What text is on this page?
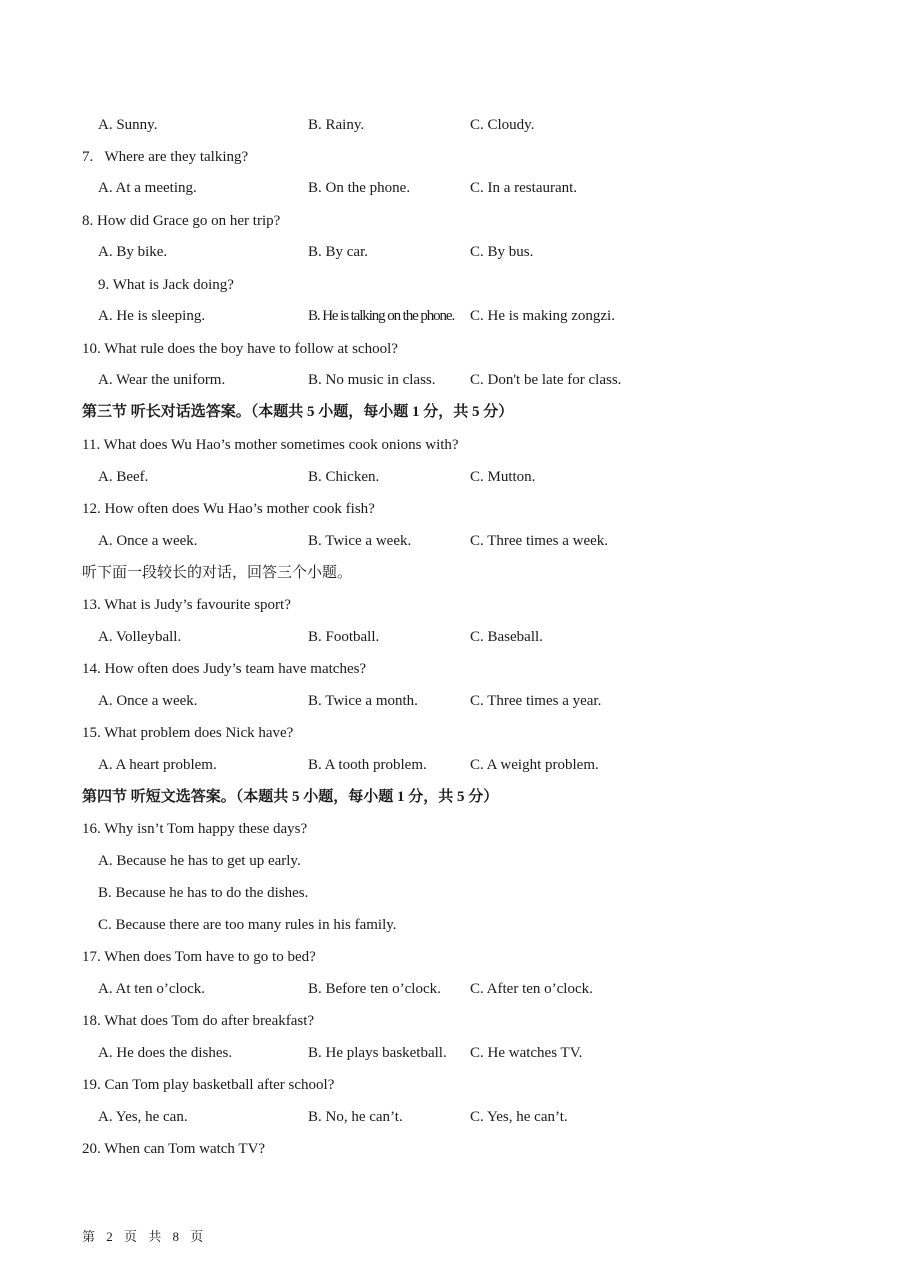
A. Sunny.	B. Rainy.	C. Cloudy.
7.   Where are they talking?
A. At a meeting.	B. On the phone.	C. In a restaurant.
8. How did Grace go on her trip?
A. By bike.	B. By car.	C. By bus.
9. What is Jack doing?
A. He is sleeping.	B. He is talking on the phone. C. He is making zongzi.
10. What rule does the boy have to follow at school?
A. Wear the uniform.	B. No music in class. C. Don't be late for class.
第三节 听长对话选答案。（本题共 5 小题，每小题 1 分，共 5 分）
11. What does Wu Hao’s mother sometimes cook onions with?
A. Beef.	B. Chicken.	C. Mutton.
12. How often does Wu Hao’s mother cook fish?
A. Once a week.	B. Twice a week.	C. Three times a week.
听下面一段较长的对话，回答三个小题。
13. What is Judy’s favourite sport?
A. Volleyball.	B. Football.	C. Baseball.
14. How often does Judy’s team have matches?
A. Once a week.	B. Twice a month.	C. Three times a year.
15. What problem does Nick have?
A. A heart problem.	B. A tooth problem.	C. A weight problem.
第四节 听短文选答案。（本题共 5 小题，每小题 1 分，共 5 分）
16. Why isn’t Tom happy these days?
A. Because he has to get up early.
B. Because he has to do the dishes.
C. Because there are too many rules in his family.
17. When does Tom have to go to bed?
A. At ten o’clock.	B. Before ten o’clock. C. After ten o’clock.
18. What does Tom do after breakfast?
A. He does the dishes.	B. He plays basketball. C. He watches TV.
19. Can Tom play basketball after school?
A. Yes, he can.	B. No, he can’t.	C. Yes, he can’t.
20. When can Tom watch TV?
第 2 页 共 8 页
